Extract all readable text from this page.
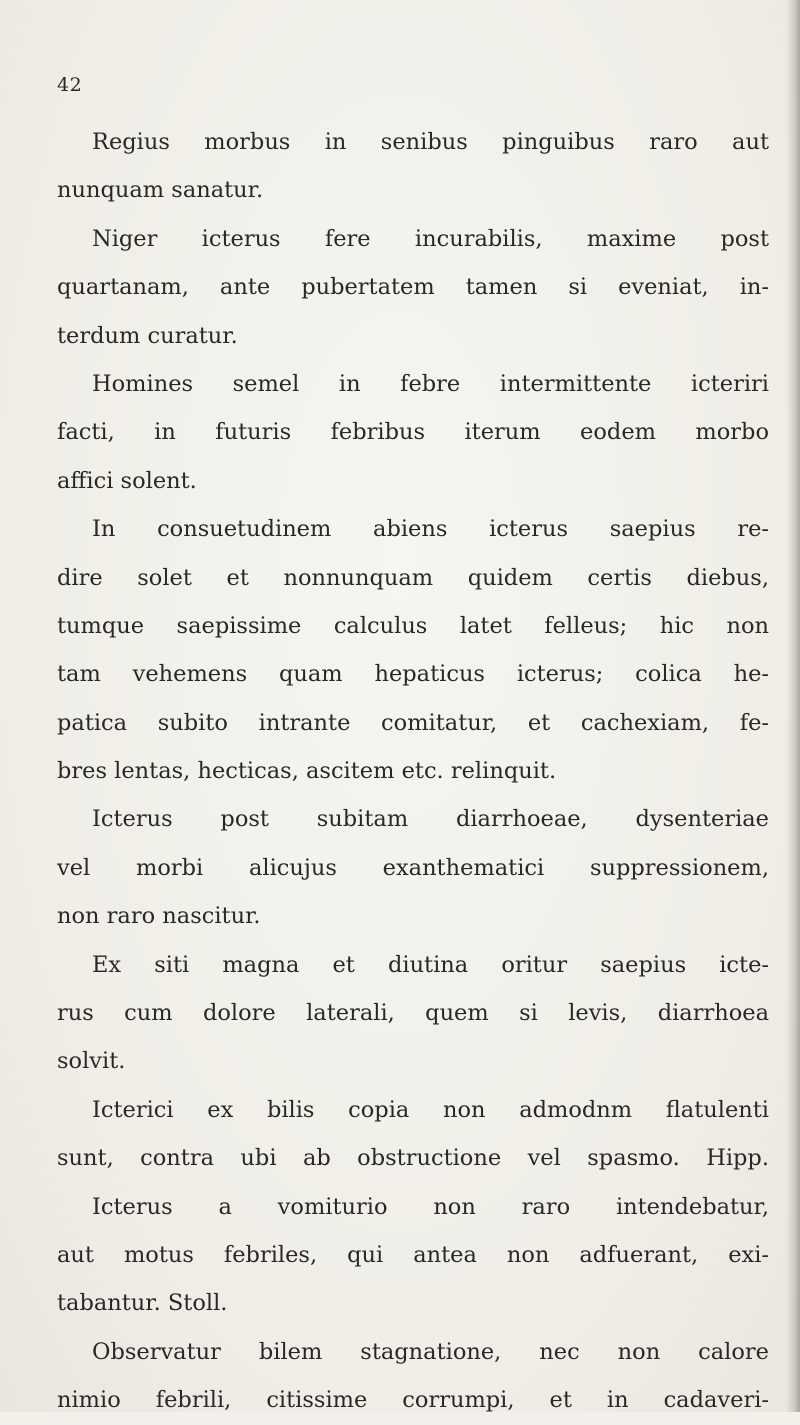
42
Regius morbus in senibus pinguibus raro aut
nunquam sanatur.
Niger icterus fere incurabilis, maxime post
quartanam, ante pubertatem tamen si eveniat, in-
terdum curatur.
Homines semel in febre intermittente icteriri
facti, in futuris febribus iterum eodem morbo
affici solent.
In consuetudinem abiens icterus saepius re-
dire solet et nonnunquam quidem certis diebus,
tumque saepissime calculus latet felleus; hic non
tam vehemens quam hepaticus icterus; colica he-
patica subito intrante comitatur, et cachexiam, fe-
bres lentas, hecticas, ascitem etc. relinquit.
Icterus post subitam diarrhoeae, dysenteriae
vel morbi alicujus exanthematici suppressionem,
non raro nascitur.
Ex siti magna et diutina oritur saepius icte-
rus cum dolore laterali, quem si levis, diarrhoea
solvit.
Icterici ex bilis copia non admodnm flatulenti
sunt, contra ubi ab obstructione vel spasmo. Hipp.
Icterus a vomiturio non raro intendebatur,
aut motus febriles, qui antea non adfuerant, exi-
tabantur. Stoll.
Observatur bilem stagnatione, nec non calore
nimio febrili, citissime corrumpi, et in cadaveri-
